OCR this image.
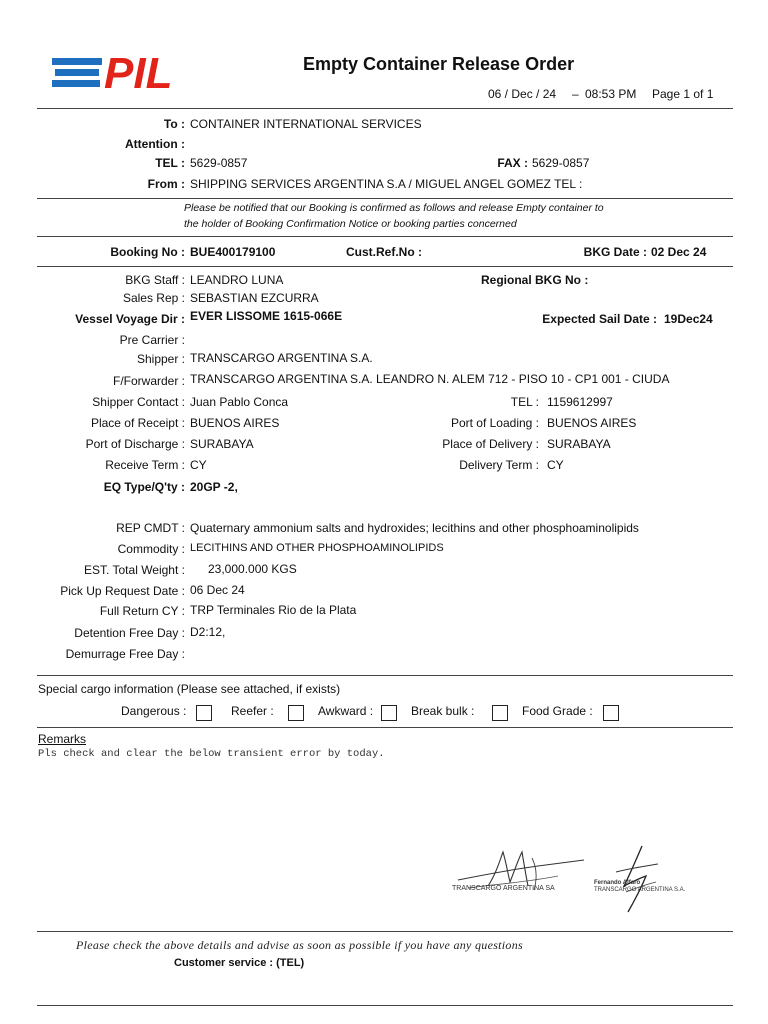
PIL	Empty Container Release Order
06 / Dec / 24 – 08:53 PM Page 1 of 1
To : CONTAINER INTERNATIONAL SERVICES
Attention :
TEL : 5629-0857	FAX : 5629-0857
From : SHIPPING SERVICES ARGENTINA S.A / MIGUEL ANGEL GOMEZ TEL :
Please be notified that our Booking is confirmed as follows and release Empty container to
the holder of Booking Confirmation Notice or booking parties concerned
Booking No : BUE400179100	Cust.Ref.No :	BKG Date : 02 Dec 24
BKG Staff : LEANDRO LUNA	Regional BKG No :
Sales Rep : SEBASTIAN EZCURRA
Vessel Voyage Dir : EVER LISSOME 1615-066E	Expected Sail Date : 19Dec24
Pre Carrier :
Shipper : TRANSCARGO ARGENTINA S.A.
F/Forwarder : TRANSCARGO ARGENTINA S.A. LEANDRO N. ALEM 712 - PISO 10 - CP1 001 - CIUDA
Shipper Contact : Juan Pablo Conca	TEL : 1159612997
Place of Receipt : BUENOS AIRES	Port of Loading : BUENOS AIRES
Port of Discharge : SURABAYA	Place of Delivery : SURABAYA
Receive Term : CY	Delivery Term : CY
EQ Type/Q'ty : 20GP -2,
REP CMDT : Quaternary ammonium salts and hydroxides; lecithins and other phosphoaminolipids
Commodity : LECITHINS AND OTHER PHOSPHOAMINOLIPIDS
EST. Total Weight : 23,000.000 KGS
Pick Up Request Date : 06 Dec 24
Full Return CY : TRP Terminales Rio de la Plata
Detention Free Day : D2:12,
Demurrage Free Day :
Special cargo information (Please see attached, if exists)
Dangerous :	Reefer :	Awkward :	Break bulk :	Food Grade :
Remarks
Pls check and clear the below transient error by today.
TRANSCARGO ARGENTINA SA
Fernando Alfaro
TRANSCARGO ARGENTINA S.A.
Please check the above details and advise as soon as possible if you have any questions
Customer service : (TEL)
